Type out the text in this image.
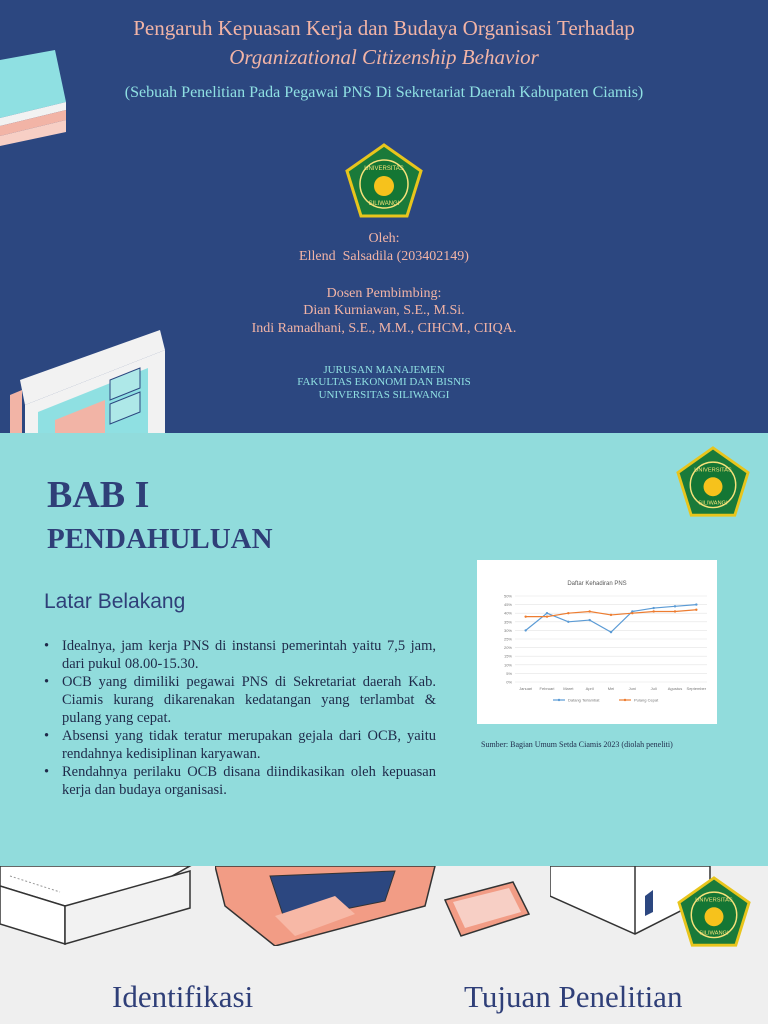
Pengaruh Kepuasan Kerja dan Budaya Organisasi Terhadap
Organizational Citizenship Behavior
(Sebuah Penelitian Pada Pegawai PNS Di Sekretariat Daerah Kabupaten Ciamis)
UNIVERSITAS
SILIWANGI
Oleh:
Ellend  Salsadila (203402149)
Dosen Pembimbing:
Dian Kurniawan, S.E., M.Si.
Indi Ramadhani, S.E., M.M., CIHCM., CIIQA.
JURUSAN MANAJEMEN
FAKULTAS EKONOMI DAN BISNIS
UNIVERSITAS SILIWANGI
BAB I
PENDAHULUAN
Latar Belakang
• Idealnya, jam kerja PNS di instansi pemerintah yaitu 7,5 jam, dari pukul 08.00-15.30.
• OCB yang dimiliki pegawai PNS di Sekretariat daerah Kab. Ciamis kurang dikarenakan kedatangan yang terlambat & pulang yang cepat.
• Absensi yang tidak teratur merupakan gejala dari OCB, yaitu rendahnya kedisiplinan karyawan.
• Rendahnya perilaku OCB disana diindikasikan oleh kepuasan kerja dan budaya organisasi.
UNIVERSITAS
SILIWANGI
Daftar Kehadiran PNS
50%
45%
40%
35%
30%
25%
20%
15%
10%
5%
0%
Januari Februari Maret	April	Mei	Juni	Juli	Agustus September
Datang Terlambat	Pulang Cepat
Sumber: Bagian Umum Setda Ciamis 2023 (diolah peneliti)
UNIVERSITAS
SILIWANGI
Identifikasi	Tujuan Penelitian
